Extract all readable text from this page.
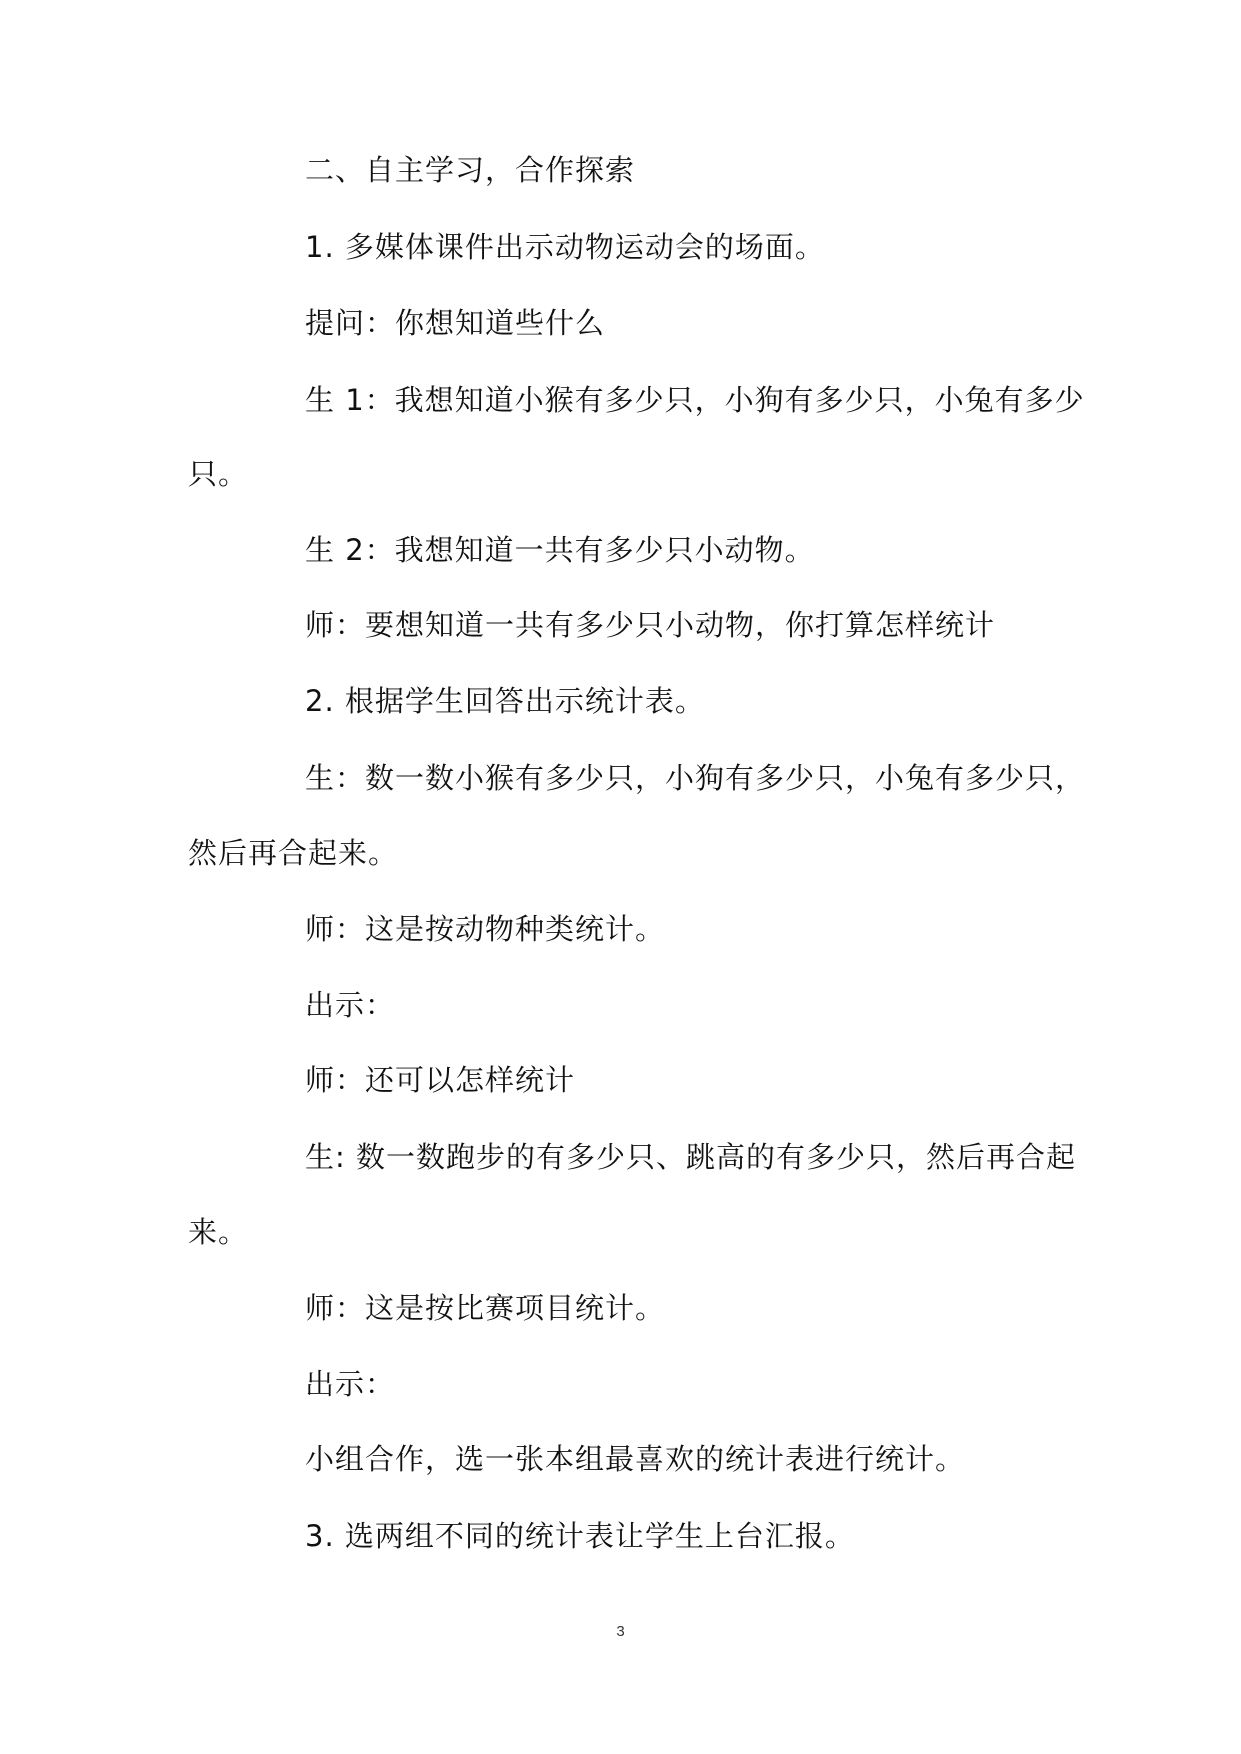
二、自主学习，合作探索
1. 多媒体课件出示动物运动会的场面。
提问：你想知道些什么
生 1：我想知道小猴有多少只，小狗有多少只，小兔有多少
只。
生 2：我想知道一共有多少只小动物。
师：要想知道一共有多少只小动物，你打算怎样统计
2. 根据学生回答出示统计表。
生：数一数小猴有多少只，小狗有多少只，小兔有多少只，
然后再合起来。
师：这是按动物种类统计。
出示：
师：还可以怎样统计
生: 数一数跑步的有多少只、跳高的有多少只，然后再合起
来。
师：这是按比赛项目统计。
出示：
小组合作，选一张本组最喜欢的统计表进行统计。
3. 选两组不同的统计表让学生上台汇报。
3
